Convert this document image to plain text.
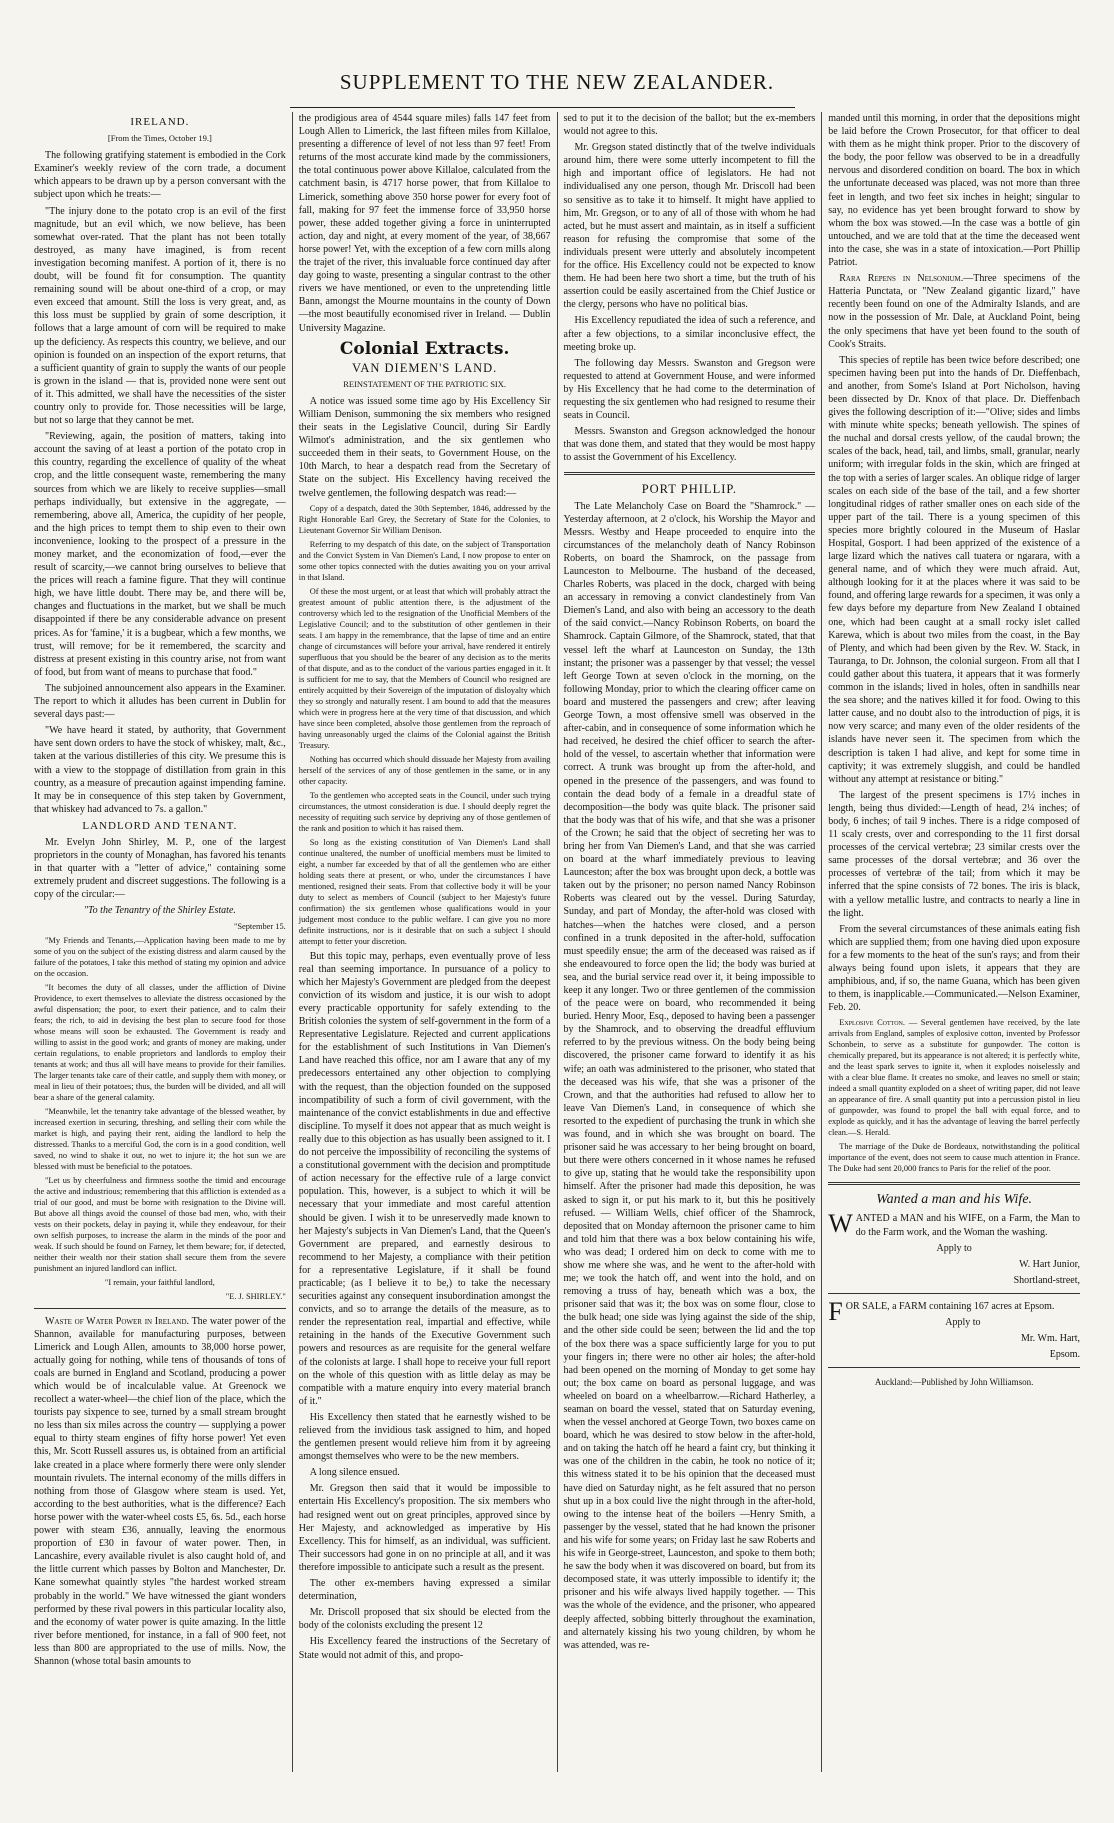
SUPPLEMENT TO THE NEW ZEALANDER.
IRELAND.
[From the Times, October 19.]

The following gratifying statement is embodied in the Cork Examiner's weekly review of the corn trade, a document which appears to be drawn up by a person conversant with the subject upon which he treats:—

"The injury done to the potato crop is an evil of the first magnitude, but an evil which, we now believe, has been somewhat over-rated. That the plant has not been totally destroyed, as many have imagined, is from recent investigation becoming manifest. A portion of it, there is no doubt, will be found fit for consumption. The quantity remaining sound will be about one-third of a crop, or may even exceed that amount. Still the loss is very great, and, as this loss must be supplied by grain of some description, it follows that a large amount of corn will be required to make up the deficiency. As respects this country, we believe, and our opinion is founded on an inspection of the export returns, that a sufficient quantity of grain to supply the wants of our people is grown in the island — that is, provided none were sent out of it. This admitted, we shall have the necessities of the sister country only to provide for. Those necessities will be large, but not so large that they cannot be met.

"Reviewing, again, the position of matters, taking into account the saving of at least a portion of the potato crop in this country, regarding the excellence of quality of the wheat crop, and the little consequent waste, remembering the many sources from which we are likely to receive supplies—small perhaps individually, but extensive in the aggregate, — remembering, above all, America, the cupidity of her people, and the high prices to tempt them to ship even to their own inconvenience, looking to the prospect of a pressure in the money market, and the economization of food,—ever the result of scarcity,—we cannot bring ourselves to believe that the prices will reach a famine figure. That they will continue high, we have little doubt. There may be, and there will be, changes and fluctuations in the market, but we shall be much disappointed if there be any considerable advance on present prices. As for 'famine,' it is a bugbear, which a few months, we trust, will remove; for be it remembered, the scarcity and distress at present existing in this country arise, not from want of food, but from want of means to purchase that food."

The subjoined announcement also appears in the Examiner. The report to which it alludes has been current in Dublin for several days past:—

"We have heard it stated, by authority, that Government have sent down orders to have the stock of whiskey, malt, &c., taken at the various distilleries of this city. We presume this is with a view to the stoppage of distillation from grain in this country, as a measure of precaution against impending famine. It may be in consequence of this step taken by Government, that whiskey had advanced to 7s. a gallon."

LANDLORD AND TENANT.

Mr. Evelyn John Shirley, M. P., one of the largest proprietors in the county of Monaghan, has favored his tenants in that quarter with a "letter of advice," containing some extremely prudent and discreet suggestions. The following is a copy of the circular:—

"To the Tenantry of the Shirley Estate.

"September 15.

"My Friends and Tenants,—Application having been made to me by some of you on the subject of the existing distress and alarm caused by the failure of the potatoes, I take this method of stating my opinion and advice on the occasion.

"It becomes the duty of all classes, under the affliction of Divine Providence, to exert themselves to alleviate the distress occasioned by the awful dispensation; the poor, to exert their patience, and to calm their fears; the rich, to aid in devising the best plan to secure food for those whose means will soon be exhausted. The Government is ready and willing to assist in the good work; and grants of money are making, under certain regulations, to enable proprietors and landlords to employ their tenants at work; and thus all will have means to provide for their families. The larger tenants take care of their cattle, and supply them with money, or meal in lieu of their potatoes; thus, the burden will be divided, and all will bear a share of the general calamity.

"Meanwhile, let the tenantry take advantage of the blessed weather, by increased exertion in securing, threshing, and selling their corn while the market is high, and paying their rent, aiding the landlord to help the distressed. Thanks to a merciful God, the corn is in a good condition, well saved, no wind to shake it out, no wet to injure it; the hot sun we are blessed with must be beneficial to the potatoes.

"Let us by cheerfulness and firmness soothe the timid and encourage the active and industrious; remembering that this affliction is extended as a trial of our good, and must be borne with resignation to the Divine will. But above all things avoid the counsel of those bad men, who, with their vests on their pockets, delay in paying it, while they endeavour, for their own selfish purposes, to increase the alarm in the minds of the poor and weak. If such should be found on Farney, let them beware; for, if detected, neither their wealth nor their station shall secure them from the severe punishment an injured landlord can inflict.

"I remain, your faithful landlord,

"E. J. SHIRLEY."

Waste of Water Power in Ireland. The water power of the Shannon, available for manufacturing purposes, between Limerick and Lough Allen, amounts to 38,000 horse power, actually going for nothing, while tens of thousands of tons of coals are burned in England and Scotland, producing a power which would be of incalculable value. At Greenock we recollect a water-wheel—the chief lion of the place, which the tourists pay sixpence to see, turned by a small stream brought no less than six miles across the country — supplying a power equal to thirty steam engines of fifty horse power! Yet even this, Mr. Scott Russell assures us, is obtained from an artificial lake created in a place where formerly there were only slender mountain rivulets. The internal economy of the mills differs in nothing from those of Glasgow where steam is used. Yet, according to the best authorities, what is the difference? Each horse power with the water-wheel costs £5, 6s. 5d., each horse power with steam £36, annually, leaving the enormous proportion of £30 in favour of water power. Then, in Lancashire, every available rivulet is also caught hold of, and the little current which passes by Bolton and Manchester, Dr. Kane somewhat quaintly styles "the hardest worked stream probably in the world." We have witnessed the giant wonders performed by these rival powers in this particular locality also, and the economy of water power is quite amazing. In the little river before mentioned, for instance, in a fall of 900 feet, not less than 800 are appropriated to the use of mills. Now, the Shannon (whose total basin amounts to

the prodigious area of 4544 square miles) falls 147 feet from Lough Allen to Limerick, the last fifteen miles from Killaloe, presenting a difference of level of not less than 97 feet! From returns of the most accurate kind made by the commissioners, the total continuous power above Killaloe, calculated from the catchment basin, is 4717 horse power, that from Killaloe to Limerick, something above 350 horse power for every foot of fall, making for 97 feet the immense force of 33,950 horse power, these added together giving a force in uninterrupted action, day and night, at every moment of the year, of 38,667 horse power! Yet, with the exception of a few corn mills along the trajet of the river, this invaluable force continued day after day going to waste, presenting a singular contrast to the other rivers we have mentioned, or even to the unpretending little Bann, amongst the Mourne mountains in the county of Down—the most beautifully economised river in Ireland. — Dublin University Magazine.

Colonial Extracts.
VAN DIEMEN'S LAND.
REINSTATEMENT OF THE PATRIOTIC SIX.

A notice was issued some time ago by His Excellency Sir William Denison, summoning the six members who resigned their seats in the Legislative Council, during Sir Eardly Wilmot's administration, and the six gentlemen who succeeded them in their seats, to Government House, on the 10th March, to hear a despatch read from the Secretary of State on the subject. His Excellency having received the twelve gentlemen, the following despatch was read:—

Copy of a despatch, dated the 30th September, 1846, addressed by the Right Honorable Earl Grey, the Secretary of State for the Colonies, to Lieutenant Governor Sir William Denison.

Referring to my despatch of this date, on the subject of Transportation and the Convict System in Van Diemen's Land, I now propose to enter on some other topics connected with the duties awaiting you on your arrival in that Island.

Of these the most urgent, or at least that which will probably attract the greatest amount of public attention there, is the adjustment of the controversy which led to the resignation of the Unofficial Members of the Legislative Council; and to the substitution of other gentlemen in their seats. I am happy in the remembrance, that the lapse of time and an entire change of circumstances will before your arrival, have rendered it entirely superfluous that you should be the bearer of any decision as to the merits of that dispute, and as to the conduct of the various parties engaged in it. It is sufficient for me to say, that the Members of Council who resigned are entirely acquitted by their Sovereign of the imputation of disloyalty which they so strongly and naturally resent. I am bound to add that the measures which were in progress here at the very time of that discussion, and which have since been completed, absolve those gentlemen from the reproach of having unreasonably urged the claims of the Colonial against the British Treasury.

Nothing has occurred which should dissuade her Majesty from availing herself of the services of any of those gentlemen in the same, or in any other capacity.

To the gentlemen who accepted seats in the Council, under such trying circumstances, the utmost consideration is due. I should deeply regret the necessity of requiting such service by depriving any of those gentlemen of the rank and position to which it has raised them.

So long as the existing constitution of Van Diemen's Land shall continue unaltered, the number of unofficial members must be limited to eight, a number far exceeded by that of all the gentlemen who are either holding seats there at present, or who, under the circumstances I have mentioned, resigned their seats. From that collective body it will be your duty to select as members of Council (subject to her Majesty's future confirmation) the six gentlemen whose qualifications would in your judgement most conduce to the public welfare. I can give you no more definite instructions, nor is it desirable that on such a subject I should attempt to fetter your discretion.

But this topic may, perhaps, even eventually prove of less real than seeming importance. In pursuance of a policy to which her Majesty's Government are pledged from the deepest conviction of its wisdom and justice, it is our wish to adopt every practicable opportunity for safely extending to the British colonies the system of self-government in the form of a Representative Legislature. Rejected and current applications for the establishment of such Institutions in Van Diemen's Land have reached this office, nor am I aware that any of my predecessors entertained any other objection to complying with the request, than the objection founded on the supposed incompatibility of such a form of civil government, with the maintenance of the convict establishments in due and effective discipline. To myself it does not appear that as much weight is really due to this objection as has usually been assigned to it. I do not perceive the impossibility of reconciling the systems of a constitutional government with the decision and promptitude of action necessary for the effective rule of a large convict population. This, however, is a subject to which it will be necessary that your immediate and most careful attention should be given. I wish it to be unreservedly made known to her Majesty's subjects in Van Diemen's Land, that the Queen's Government are prepared, and earnestly desirous to recommend to her Majesty, a compliance with their petition for a representative Legislature, if it shall be found practicable; (as I believe it to be,) to take the necessary securities against any consequent insubordination amongst the convicts, and so to arrange the details of the measure, as to render the representation real, impartial and effective, while retaining in the hands of the Executive Government such powers and resources as are requisite for the general welfare of the colonists at large. I shall hope to receive your full report on the whole of this question with as little delay as may be compatible with a mature enquiry into every material branch of it."

His Excellency then stated that he earnestly wished to be relieved from the invidious task assigned to him, and hoped the gentlemen present would relieve him from it by agreeing amongst themselves who were to be the new members.

A long silence ensued.

Mr. Gregson then said that it would be impossible to entertain His Excellency's proposition. The six members who had resigned went out on great principles, approved since by Her Majesty, and acknowledged as imperative by His Excellency. This for himself, as an individual, was sufficient. Their successors had gone in on no principle at all, and it was therefore impossible to anticipate such a result as the present.

The other ex-members having expressed a similar determination,

Mr. Driscoll proposed that six should be elected from the body of the colonists excluding the present 12

His Excellency feared the instructions of the Secretary of State would not admit of this, and propo-

sed to put it to the decision of the ballot; but the ex-members would not agree to this.

Mr. Gregson stated distinctly that of the twelve individuals around him, there were some utterly incompetent to fill the high and important office of legislators. He had not individualised any one person, though Mr. Driscoll had been so sensitive as to take it to himself. It might have applied to him, Mr. Gregson, or to any of all of those with whom he had acted, but he must assert and maintain, as in itself a sufficient reason for refusing the compromise that some of the individuals present were utterly and absolutely incompetent for the office. His Excellency could not be expected to know them. He had been here two short a time, but the truth of his assertion could be easily ascertained from the Chief Justice or the clergy, persons who have no political bias.

His Excellency repudiated the idea of such a reference, and after a few objections, to a similar inconclusive effect, the meeting broke up.

The following day Messrs. Swanston and Gregson were requested to attend at Government House, and were informed by His Excellency that he had come to the determination of requesting the six gentlemen who had resigned to resume their seats in Council.

Messrs. Swanston and Gregson acknowledged the honour that was done them, and stated that they would be most happy to assist the Government of his Excellency.

PORT PHILLIP.

The Late Melancholy Case on Board the "Shamrock." — Yesterday afternoon, at 2 o'clock, his Worship the Mayor and Messrs. Westby and Heape proceeded to enquire into the circumstances of the melancholy death of Nancy Robinson Roberts, on board the Shamrock, on the passage from Launceston to Melbourne. The husband of the deceased, Charles Roberts, was placed in the dock, charged with being an accessary in removing a convict clandestinely from Van Diemen's Land, and also with being an accessory to the death of the said convict.—Nancy Robinson Roberts, on board the Shamrock. Captain Gilmore, of the Shamrock, stated, that that vessel left the wharf at Launceston on Sunday, the 13th instant; the prisoner was a passenger by that vessel; the vessel left George Town at seven o'clock in the morning, on the following Monday, prior to which the clearing officer came on board and mustered the passengers and crew; after leaving George Town, a most offensive smell was observed in the after-cabin, and in consequence of some information which he had received, he desired the chief officer to search the after-hold of the vessel, to ascertain whether that information were correct. A trunk was brought up from the after-hold, and opened in the presence of the passengers, and was found to contain the dead body of a female in a dreadful state of decomposition—the body was quite black. The prisoner said that the body was that of his wife, and that she was a prisoner of the Crown; he said that the object of secreting her was to bring her from Van Diemen's Land, and that she was carried on board at the wharf immediately previous to leaving Launceston; after the box was brought upon deck, a bottle was taken out by the prisoner; no person named Nancy Robinson Roberts was cleared out by the vessel. During Saturday, Sunday, and part of Monday, the after-hold was closed with hatches—when the hatches were closed, and a person confined in a trunk deposited in the after-hold, suffocation must speedily ensue; the arm of the deceased was raised as if she endeavoured to force open the lid; the body was buried at sea, and the burial service read over it, it being impossible to keep it any longer. Two or three gentlemen of the commission of the peace were on board, who recommended it being buried. Henry Moor, Esq., deposed to having been a passenger by the Shamrock, and to observing the dreadful effluvium referred to by the previous witness. On the body being being discovered, the prisoner came forward to identify it as his wife; an oath was administered to the prisoner, who stated that the deceased was his wife, that she was a prisoner of the Crown, and that the authorities had refused to allow her to leave Van Diemen's Land, in consequence of which she resorted to the expedient of purchasing the trunk in which she was found, and in which she was brought on board. The prisoner said he was accessary to her being brought on board, but there were others concerned in it whose names he refused to give up, stating that he would take the responsibility upon himself. After the prisoner had made this deposition, he was asked to sign it, or put his mark to it, but this he positively refused. — William Wells, chief officer of the Shamrock, deposited that on Monday afternoon the prisoner came to him and told him that there was a box below containing his wife, who was dead; I ordered him on deck to come with me to show me where she was, and he went to the after-hold with me; we took the hatch off, and went into the hold, and on removing a truss of hay, beneath which was a box, the prisoner said that was it; the box was on some flour, close to the bulk head; one side was lying against the side of the ship, and the other side could be seen; between the lid and the top of the box there was a space sufficiently large for you to put your fingers in; there were no other air holes; the after-hold had been opened on the morning of Monday to get some hay out; the box came on board as personal luggage, and was wheeled on board on a wheelbarrow.—Richard Hatherley, a seaman on board the vessel, stated that on Saturday evening, when the vessel anchored at George Town, two boxes came on board, which he was desired to stow below in the after-hold, and on taking the hatch off he heard a faint cry, but thinking it was one of the children in the cabin, he took no notice of it; this witness stated it to be his opinion that the deceased must have died on Saturday night, as he felt assured that no person shut up in a box could live the night through in the after-hold, owing to the intense heat of the boilers —Henry Smith, a passenger by the vessel, stated that he had known the prisoner and his wife for some years; on Friday last he saw Roberts and his wife in George-street, Launceston, and spoke to them both; he saw the body when it was discovered on board, but from its decomposed state, it was utterly impossible to identify it; the prisoner and his wife always lived happily together. — This was the whole of the evidence, and the prisoner, who appeared deeply affected, sobbing bitterly throughout the examination, and alternately kissing his two young children, by whom he was attended, was re-

manded until this morning, in order that the depositions might be laid before the Crown Prosecutor, for that officer to deal with them as he might think proper. Prior to the discovery of the body, the poor fellow was observed to be in a dreadfully nervous and disordered condition on board. The box in which the unfortunate deceased was placed, was not more than three feet in length, and two feet six inches in height; singular to say, no evidence has yet been brought forward to show by whom the box was stowed.—In the case was a bottle of gin untouched, and we are told that at the time the deceased went into the case, she was in a state of intoxication.—Port Phillip Patriot.

Rara Repens in Nelsonium.—Three specimens of the Hatteria Punctata, or "New Zealand gigantic lizard," have recently been found on one of the Admiralty Islands, and are now in the possession of Mr. Dale, at Auckland Point, being the only specimens that have yet been found to the south of Cook's Straits.

This species of reptile has been twice before described; one specimen having been put into the hands of Dr. Dieffenbach, and another, from Some's Island at Port Nicholson, having been dissected by Dr. Knox of that place. Dr. Dieffenbach gives the following description of it:—"Olive; sides and limbs with minute white specks; beneath yellowish. The spines of the nuchal and dorsal crests yellow, of the caudal brown; the scales of the back, head, tail, and limbs, small, granular, nearly uniform; with irregular folds in the skin, which are fringed at the top with a series of larger scales. An oblique ridge of larger scales on each side of the base of the tail, and a few shorter longitudinal ridges of rather smaller ones on each side of the upper part of the tail. There is a young specimen of this species more brightly coloured in the Museum of Haslar Hospital, Gosport. I had been apprized of the existence of a large lizard which the natives call tuatera or ngarara, with a general name, and of which they were much afraid. Aut, although looking for it at the places where it was said to be found, and offering large rewards for a specimen, it was only a few days before my departure from New Zealand I obtained one, which had been caught at a small rocky islet called Karewa, which is about two miles from the coast, in the Bay of Plenty, and which had been given by the Rev. W. Stack, in Tauranga, to Dr. Johnson, the colonial surgeon. From all that I could gather about this tuatera, it appears that it was formerly common in the islands; lived in holes, often in sandhills near the sea shore; and the natives killed it for food. Owing to this latter cause, and no doubt also to the introduction of pigs, it is now very scarce; and many even of the older residents of the islands have never seen it. The specimen from which the description is taken I had alive, and kept for some time in captivity; it was extremely sluggish, and could be handled without any attempt at resistance or biting."

The largest of the present specimens is 17½ inches in length, being thus divided:—Length of head, 2¼ inches; of body, 6 inches; of tail 9 inches. There is a ridge composed of 11 scaly crests, over and corresponding to the 11 first dorsal processes of the cervical vertebræ; 23 similar crests over the same processes of the dorsal vertebræ; and 36 over the processes of vertebræ of the tail; from which it may be inferred that the spine consists of 72 bones. The iris is black, with a yellow metallic lustre, and contracts to nearly a line in the light.

From the several circumstances of these animals eating fish which are supplied them; from one having died upon exposure for a few moments to the heat of the sun's rays; and from their always being found upon islets, it appears that they are amphibious, and, if so, the name Guana, which has been given to them, is inapplicable.—Communicated.—Nelson Examiner, Feb. 20.

Explosive Cotton. — Several gentlemen have received, by the late arrivals from England, samples of explosive cotton, invented by Professor Schonbein, to serve as a substitute for gunpowder. The cotton is chemically prepared, but its appearance is not altered; it is perfectly white, and the least spark serves to ignite it, when it explodes noiselessly and with a clear blue flame. It creates no smoke, and leaves no smell or stain; indeed a small quantity exploded on a sheet of writing paper, did not leave an appearance of fire. A small quantity put into a percussion pistol in lieu of gunpowder, was found to propel the ball with equal force, and to explode as quickly, and it has the advantage of leaving the barrel perfectly clean.—S. Herald.

The marriage of the Duke de Bordeaux, notwithstanding the political importance of the event, does not seem to cause much attention in France. The Duke had sent 20,000 francs to Paris for the relief of the poor.

Wanted a man and his Wife.

WANTED a MAN and his WIFE, on a Farm, the Man to do the Farm work, and the Woman the washing.

Apply to

W. Hart Junior,

Shortland-street,

FOR SALE, a FARM containing 167 acres at Epsom.

Apply to

Mr. Wm. Hart,

Epsom.

Auckland:—Published by John Williamson.
